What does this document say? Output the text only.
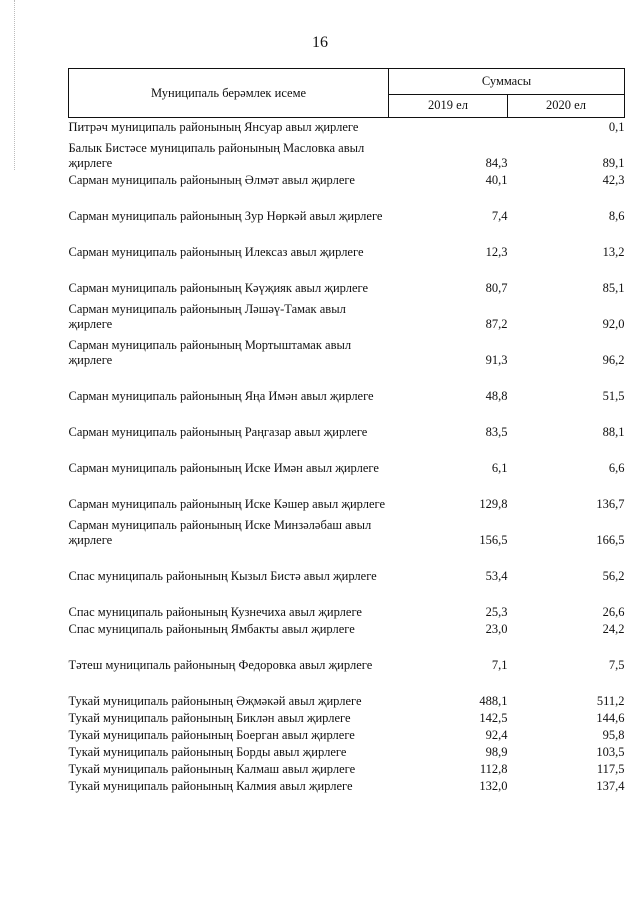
16
Муниципаль берәмлек исеме	Суммасы	
	2019 ел	2020 ел
Питрәч муниципаль районының Янсуар авыл җирлеге		0,1
Балык Бистәсе муниципаль районының Масловка авыл җирлеге	84,3	89,1
Сарман муниципаль районының Әлмәт авыл җирлеге	40,1	42,3
Сарман муниципаль районының Зур Нөркәй авыл җирлеге	7,4	8,6
Сарман муниципаль районының Илексаз авыл җирлеге	12,3	13,2
Сарман муниципаль районының Кәүҗияк авыл җирлеге	80,7	85,1
Сарман муниципаль районының Ләшәү-Тамак авыл җирлеге	87,2	92,0
Сарман муниципаль районының Мортыштамак авыл җирлеге	91,3	96,2
Сарман муниципаль районының Яңа Имән авыл җирлеге	48,8	51,5
Сарман муниципаль районының Раңгазар авыл җирлеге	83,5	88,1
Сарман муниципаль районының Иске Имән авыл җирлеге	6,1	6,6
Сарман муниципаль районының Иске Кәшер авыл җирлеге	129,8	136,7
Сарман муниципаль районының Иске Минзәләбаш авыл җирлеге	156,5	166,5
Спас муниципаль районының Кызыл Бистә авыл җирлеге	53,4	56,2
Спас муниципаль районының Кузнечиха авыл җирлеге	25,3	26,6
Спас муниципаль районының Ямбакты авыл җирлеге	23,0	24,2
Тәтеш муниципаль районының Федоровка авыл җирлеге	7,1	7,5
Тукай муниципаль районының Әҗмәкәй авыл җирлеге	488,1	511,2
Тукай муниципаль районының Биклән авыл җирлеге	142,5	144,6
Тукай муниципаль районының Боерган авыл җирлеге	92,4	95,8
Тукай муниципаль районының Борды авыл җирлеге	98,9	103,5
Тукай муниципаль районының Калмаш авыл җирлеге	112,8	117,5
Тукай муниципаль районының Калмия авыл җирлеге	132,0	137,4
